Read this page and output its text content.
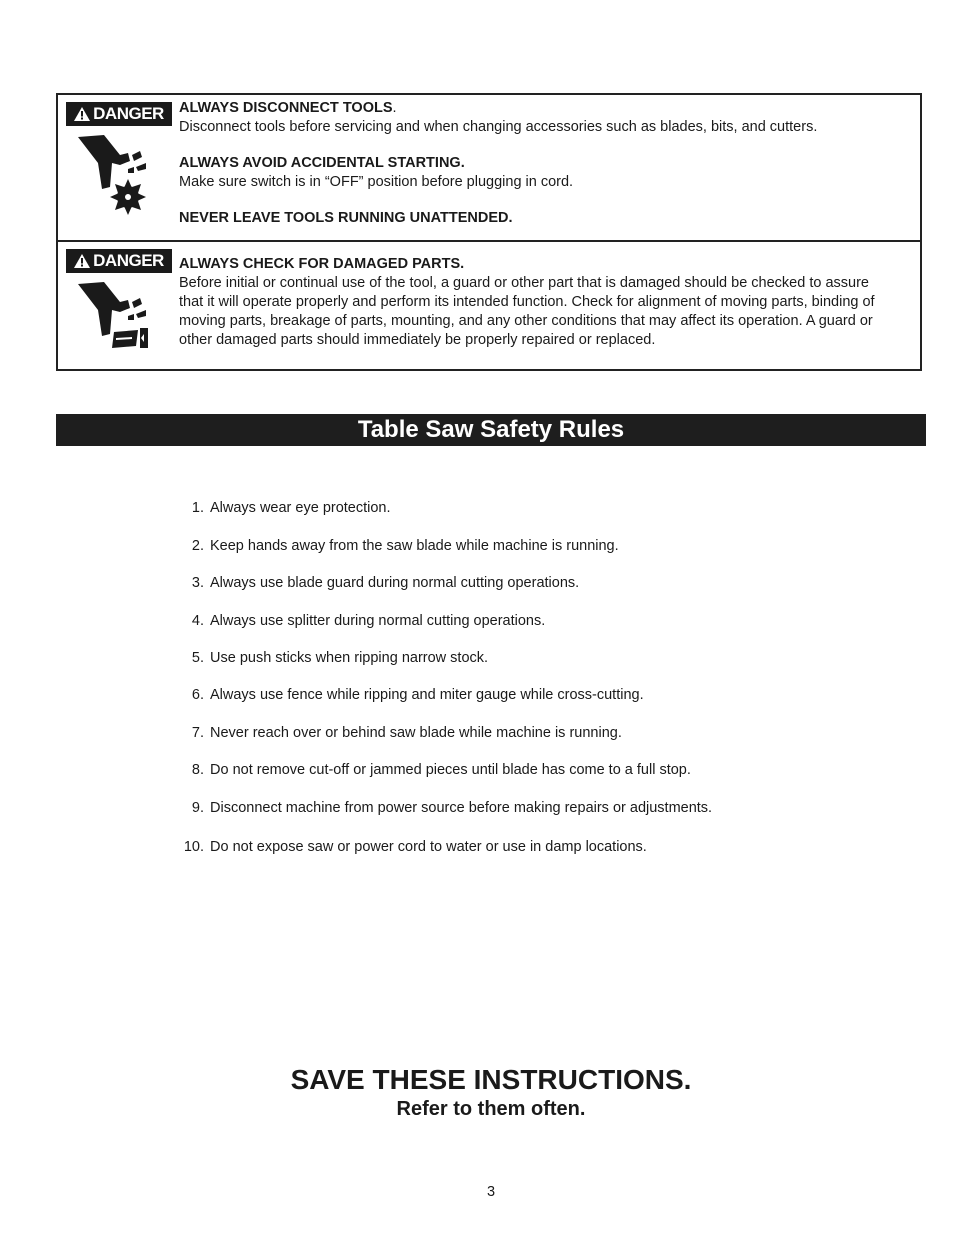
DANGER ALWAYS DISCONNECT TOOLS.

Disconnect tools before servicing and when changing accessories such as blades, bits, and cutters.

ALWAYS AVOID ACCIDENTAL STARTING.

Make sure switch is in “OFF” position before plugging in cord.

NEVER LEAVE TOOLS RUNNING UNATTENDED.

DANGER ALWAYS CHECK FOR DAMAGED PARTS.

Before initial or continual use of the tool, a guard or other part that is damaged should be checked to assure

that it will operate properly and perform its intended function. Check for alignment of moving parts, binding of

moving parts, breakage of parts, mounting, and any other conditions that may affect its operation. A guard or

other damaged parts should immediately be properly repaired or replaced.

Table Saw Safety Rules
1. Always wear eye protection.
2. Keep hands away from the saw blade while machine is running.
3. Always use blade guard during normal cutting operations.
4. Always use splitter during normal cutting operations.
5. Use push sticks when ripping narrow stock.
6. Always use fence while ripping and miter gauge while cross-cutting.
7. Never reach over or behind saw blade while machine is running.
8. Do not remove cut-off or jammed pieces until blade has come to a full stop.
9. Disconnect machine from power source before making repairs or adjustments.
10. Do not expose saw or power cord to water or use in damp locations.
SAVE THESE INSTRUCTIONS.
Refer to them often.
3
